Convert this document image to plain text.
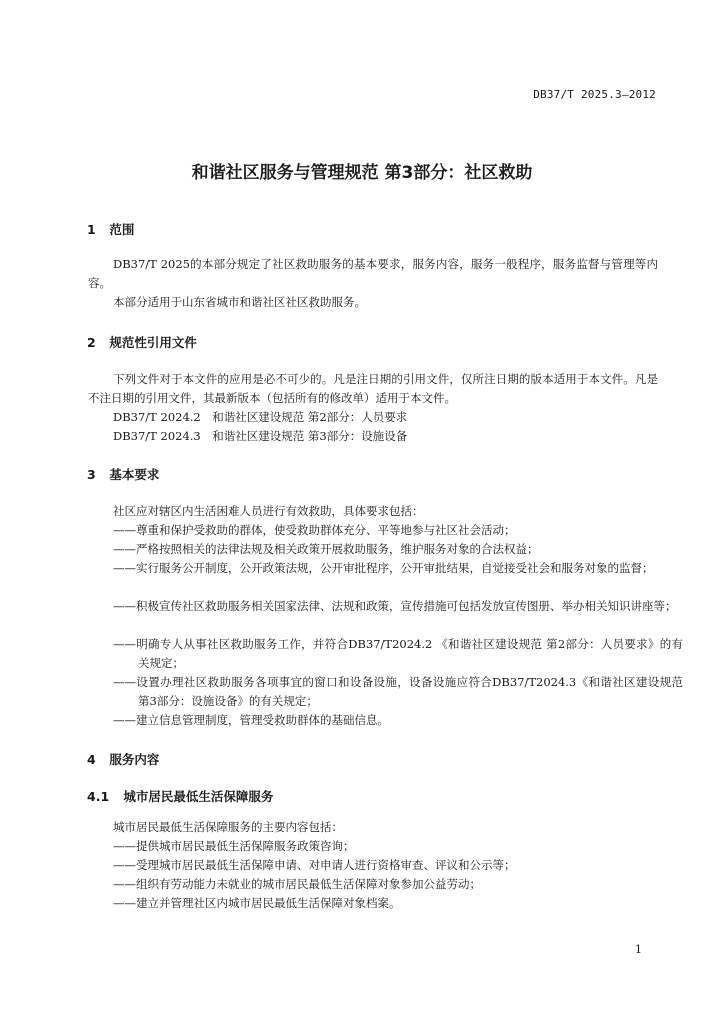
DB37/T 2025.3—2012
和谐社区服务与管理规范 第3部分：社区救助
1 范围
DB37/T 2025的本部分规定了社区救助服务的基本要求，服务内容，服务一般程序，服务监督与管理等内容。
本部分适用于山东省城市和谐社区社区救助服务。
2 规范性引用文件
下列文件对于本文件的应用是必不可少的。凡是注日期的引用文件，仅所注日期的版本适用于本文件。凡是不注日期的引用文件，其最新版本（包括所有的修改单）适用于本文件。
DB37/T 2024.2　和谐社区建设规范 第2部分：人员要求
DB37/T 2024.3　和谐社区建设规范 第3部分：设施设备
3 基本要求
社区应对辖区内生活困难人员进行有效救助，具体要求包括：
——尊重和保护受救助的群体，使受救助群体充分、平等地参与社区社会活动；
——严格按照相关的法律法规及相关政策开展救助服务，维护服务对象的合法权益；
——实行服务公开制度，公开政策法规，公开审批程序，公开审批结果，自觉接受社会和服务对象的监督；
——积极宣传社区救助服务相关国家法律、法规和政策，宣传措施可包括发放宣传图册、举办相关知识讲座等；
——明确专人从事社区救助服务工作，并符合DB37/T2024.2 《和谐社区建设规范 第2部分：人员要求》的有关规定；
——设置办理社区救助服务各项事宜的窗口和设备设施，设备设施应符合DB37/T2024.3《和谐社区建设规范 第3部分：设施设备》的有关规定；
——建立信息管理制度，管理受救助群体的基础信息。
4 服务内容
4.1 城市居民最低生活保障服务
城市居民最低生活保障服务的主要内容包括：
——提供城市居民最低生活保障服务政策咨询；
——受理城市居民最低生活保障申请、对申请人进行资格审查、评议和公示等；
——组织有劳动能力未就业的城市居民最低生活保障对象参加公益劳动；
——建立并管理社区内城市居民最低生活保障对象档案。
1
